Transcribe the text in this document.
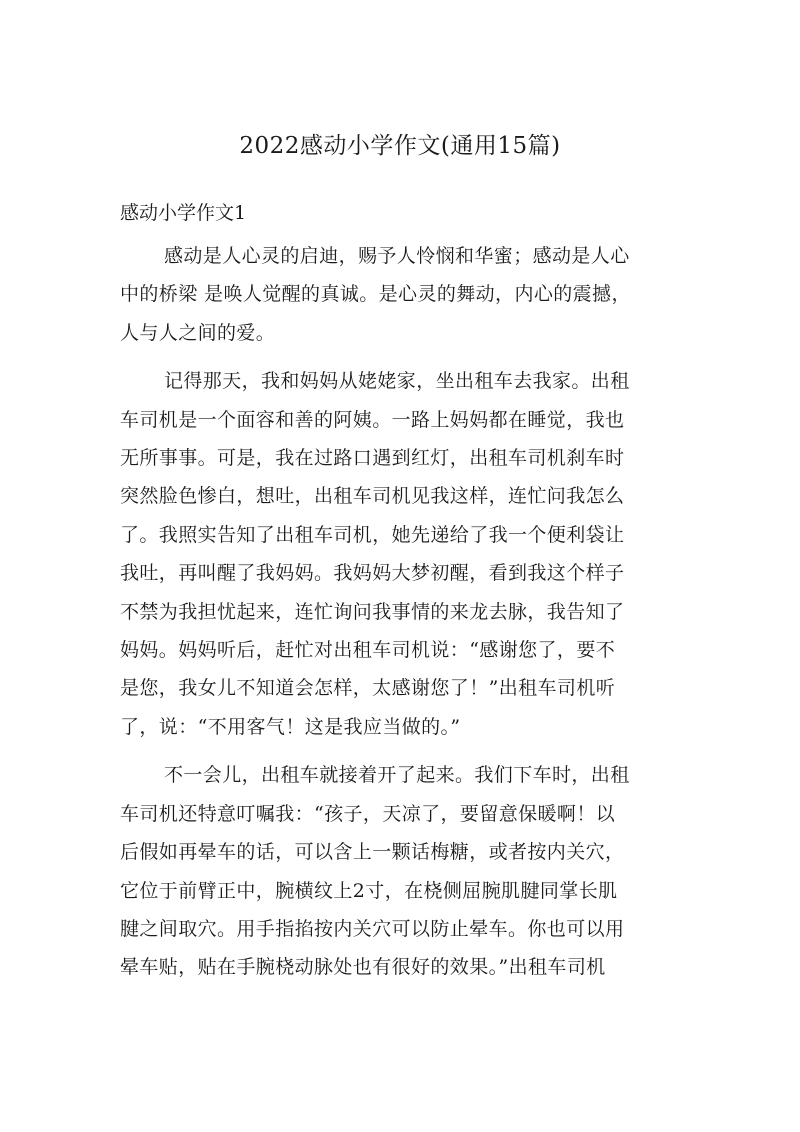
2022感动小学作文(通用15篇)
感动小学作文1

感动是人心灵的启迪，赐予人怜悯和华蜜；感动是人心
中的桥梁 是唤人觉醒的真诚。是心灵的舞动，内心的震撼，
人与人之间的爱。

记得那天，我和妈妈从姥姥家，坐出租车去我家。出租
车司机是一个面容和善的阿姨。一路上妈妈都在睡觉，我也
无所事事。可是，我在过路口遇到红灯，出租车司机刹车时
突然脸色惨白，想吐，出租车司机见我这样，连忙问我怎么
了。我照实告知了出租车司机，她先递给了我一个便利袋让
我吐，再叫醒了我妈妈。我妈妈大梦初醒，看到我这个样子
不禁为我担忧起来，连忙询问我事情的来龙去脉，我告知了
妈妈。妈妈听后，赶忙对出租车司机说：“感谢您了，要不
是您，我女儿不知道会怎样，太感谢您了！”出租车司机听
了，说：“不用客气！这是我应当做的。”

不一会儿，出租车就接着开了起来。我们下车时，出租
车司机还特意叮嘱我：“孩子，天凉了，要留意保暖啊！以
后假如再晕车的话，可以含上一颗话梅糖，或者按内关穴，
它位于前臂正中，腕横纹上2寸，在桡侧屈腕肌腱同掌长肌
腱之间取穴。用手指掐按内关穴可以防止晕车。你也可以用
晕车贴，贴在手腕桡动脉处也有很好的效果。”出租车司机
